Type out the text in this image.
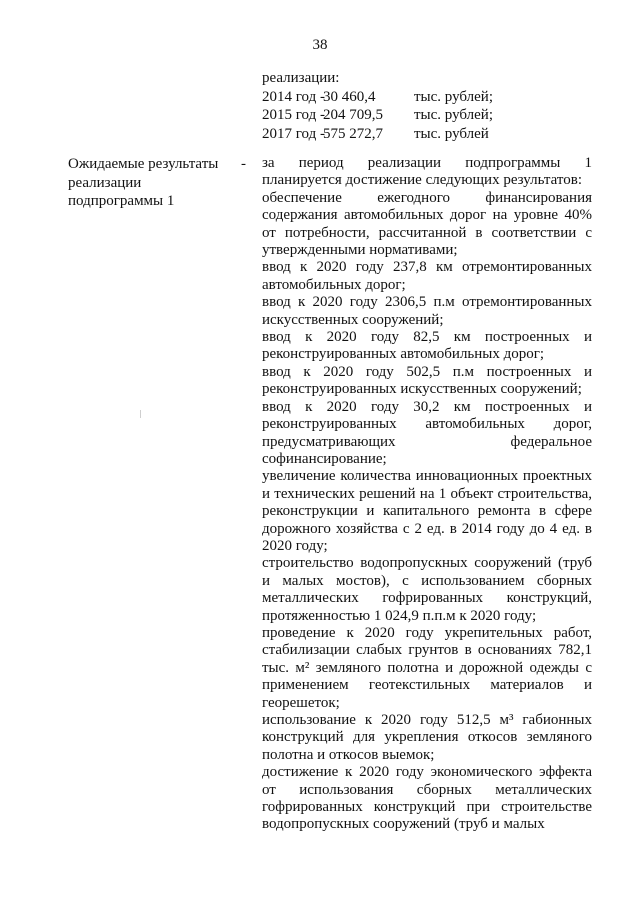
38
реализации:
2014 год -
30 460,4	тыс. рублей;
2015 год -
204 709,5	тыс. рублей;
2017 год -
575 272,7	тыс. рублей
Ожидаемые результаты
реализации
подпрограммы 1
- за период реализации подпрограммы 1 планируется достижение следующих результатов:

обеспечение ежегодного финансирования содержания автомобильных дорог на уровне 40% от потребности, рассчитанной в соответствии с утвержденными нормативами;

ввод к 2020 году 237,8 км отремонтированных автомобильных дорог;

ввод к 2020 году 2306,5 п.м отремонтированных искусственных сооружений;

ввод к 2020 году 82,5 км построенных и реконструированных автомобильных дорог;

ввод к 2020 году 502,5 п.м построенных и реконструированных искусственных сооружений;

ввод к 2020 году 30,2 км построенных и реконструированных автомобильных дорог, предусматривающих федеральное софинансирование;

увеличение количества инновационных проектных и технических решений на 1 объект строительства, реконструкции и капитального ремонта в сфере дорожного хозяйства с 2 ед. в 2014 году до 4 ед. в 2020 году;

строительство водопропускных сооружений (труб и малых мостов), с использованием сборных металлических гофрированных конструкций, протяженностью 1 024,9 п.п.м к 2020 году;

проведение к 2020 году укрепительных работ, стабилизации слабых грунтов в основаниях 782,1 тыс. м² земляного полотна и дорожной одежды с применением геотекстильных материалов и георешеток;

использование к 2020 году 512,5 м³ габионных конструкций для укрепления откосов земляного полотна и откосов выемок;

достижение к 2020 году экономического эффекта от использования сборных металлических гофрированных конструкций при строительстве водопропускных сооружений (труб и малых
